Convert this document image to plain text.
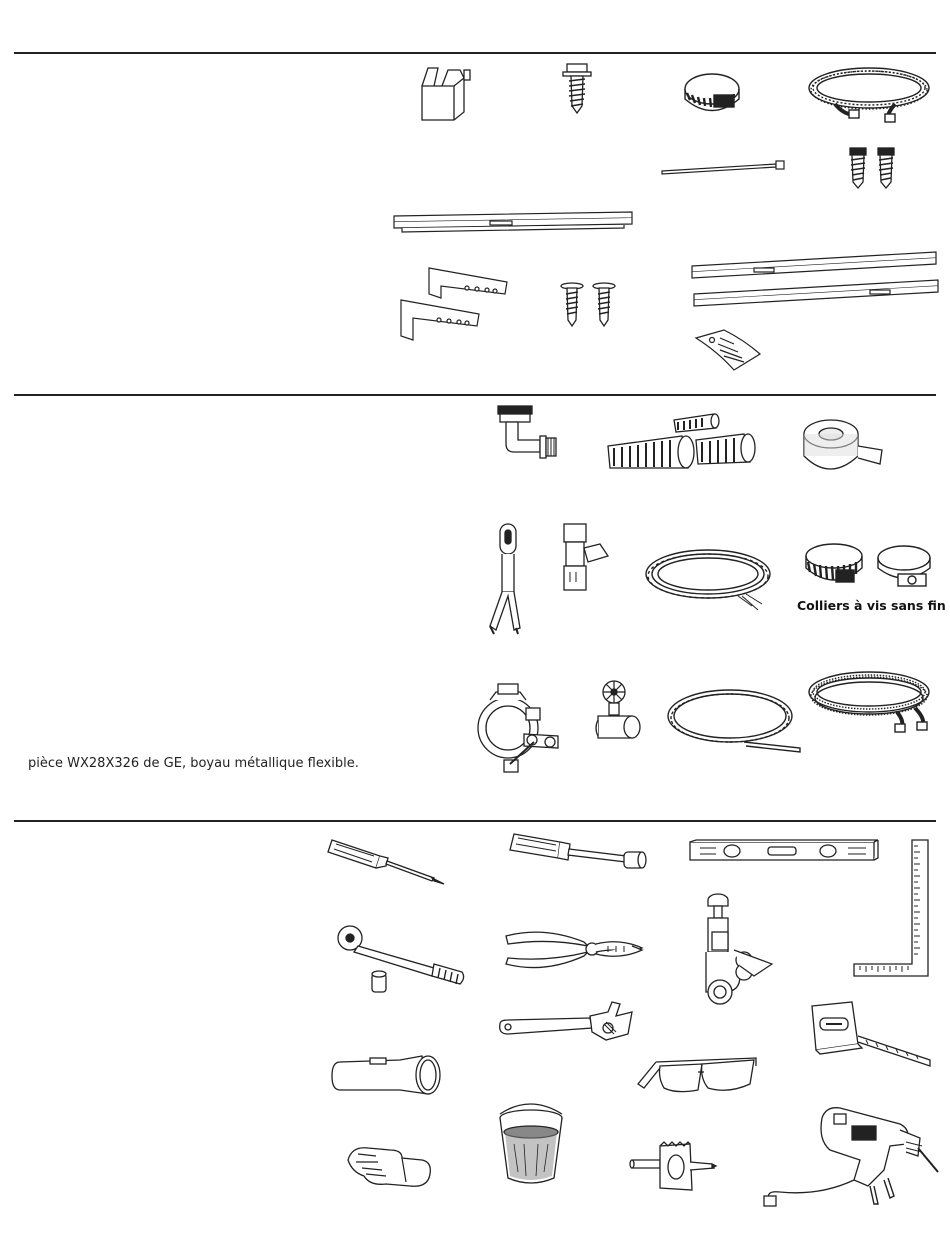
Colliers à vis sans fin
pièce WX28X326 de GE, boyau métallique flexible.
